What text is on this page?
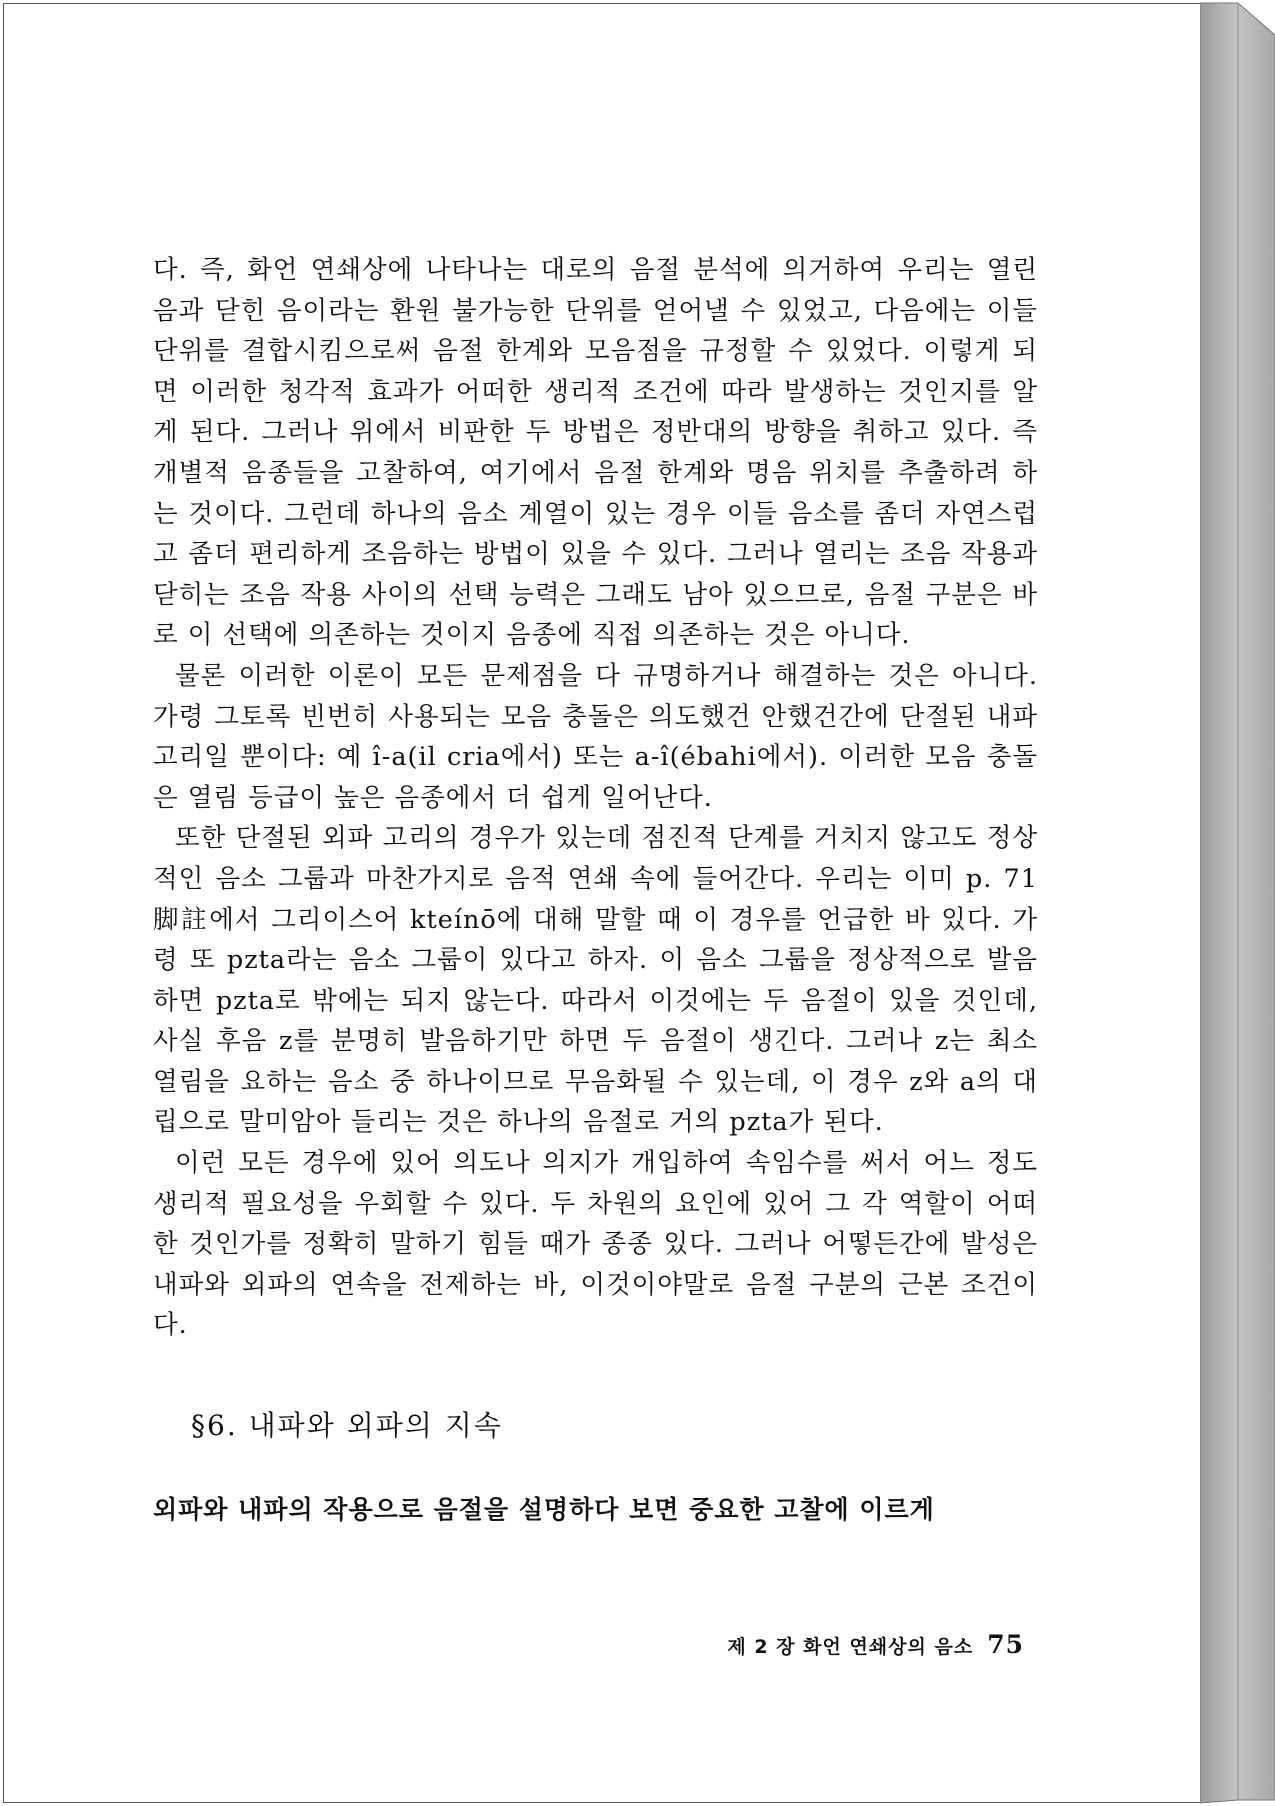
다. 즉, 화언 연쇄상에 나타나는 대로의 음절 분석에 의거하여 우리는 열린 음과 닫힌 음이라는 환원 불가능한 단위를 얻어낼 수 있었고, 다음에는 이들 단위를 결합시킴으로써 음절 한계와 모음점을 규정할 수 있었다. 이렇게 되면 이러한 청각적 효과가 어떠한 생리적 조건에 따라 발생하는 것인지를 알게 된다. 그러나 위에서 비판한 두 방법은 정반대의 방향을 취하고 있다. 즉 개별적 음종들을 고찰하여, 여기에서 음절 한계와 명음 위치를 추출하려 하는 것이다. 그런데 하나의 음소 계열이 있는 경우 이들 음소를 좀더 자연스럽고 좀더 편리하게 조음하는 방법이 있을 수 있다. 그러나 열리는 조음 작용과 닫히는 조음 작용 사이의 선택 능력은 그래도 남아 있으므로, 음절 구분은 바로 이 선택에 의존하는 것이지 음종에 직접 의존하는 것은 아니다.

물론 이러한 이론이 모든 문제점을 다 규명하거나 해결하는 것은 아니다. 가령 그토록 빈번히 사용되는 모음 충돌은 의도했건 안했건간에 단절된 내파 고리일 뿐이다: 예 î-a(il cria에서) 또는 a-î(ébahi에서). 이러한 모음 충돌은 열림 등급이 높은 음종에서 더 쉽게 일어난다.

또한 단절된 외파 고리의 경우가 있는데 점진적 단계를 거치지 않고도 정상적인 음소 그룹과 마찬가지로 음적 연쇄 속에 들어간다. 우리는 이미 p. 71 脚註에서 그리이스어 kteínō에 대해 말할 때 이 경우를 언급한 바 있다. 가령 또 pzta라는 음소 그룹이 있다고 하자. 이 음소 그룹을 정상적으로 발음하면 pzta로 밖에는 되지 않는다. 따라서 이것에는 두 음절이 있을 것인데, 사실 후음 z를 분명히 발음하기만 하면 두 음절이 생긴다. 그러나 z는 최소 열림을 요하는 음소 중 하나이므로 무음화될 수 있는데, 이 경우 z와 a의 대립으로 말미암아 들리는 것은 하나의 음절로 거의 pzta가 된다.

이런 모든 경우에 있어 의도나 의지가 개입하여 속임수를 써서 어느 정도 생리적 필요성을 우회할 수 있다. 두 차원의 요인에 있어 그 각 역할이 어떠한 것인가를 정확히 말하기 힘들 때가 종종 있다. 그러나 어떻든간에 발성은 내파와 외파의 연속을 전제하는 바, 이것이야말로 음절 구분의 근본 조건이다.

§6. 내파와 외파의 지속
외파와 내파의 작용으로 음절을 설명하다 보면 중요한 고찰에 이르게
제 2 장 화언 연쇄상의 음소 75
